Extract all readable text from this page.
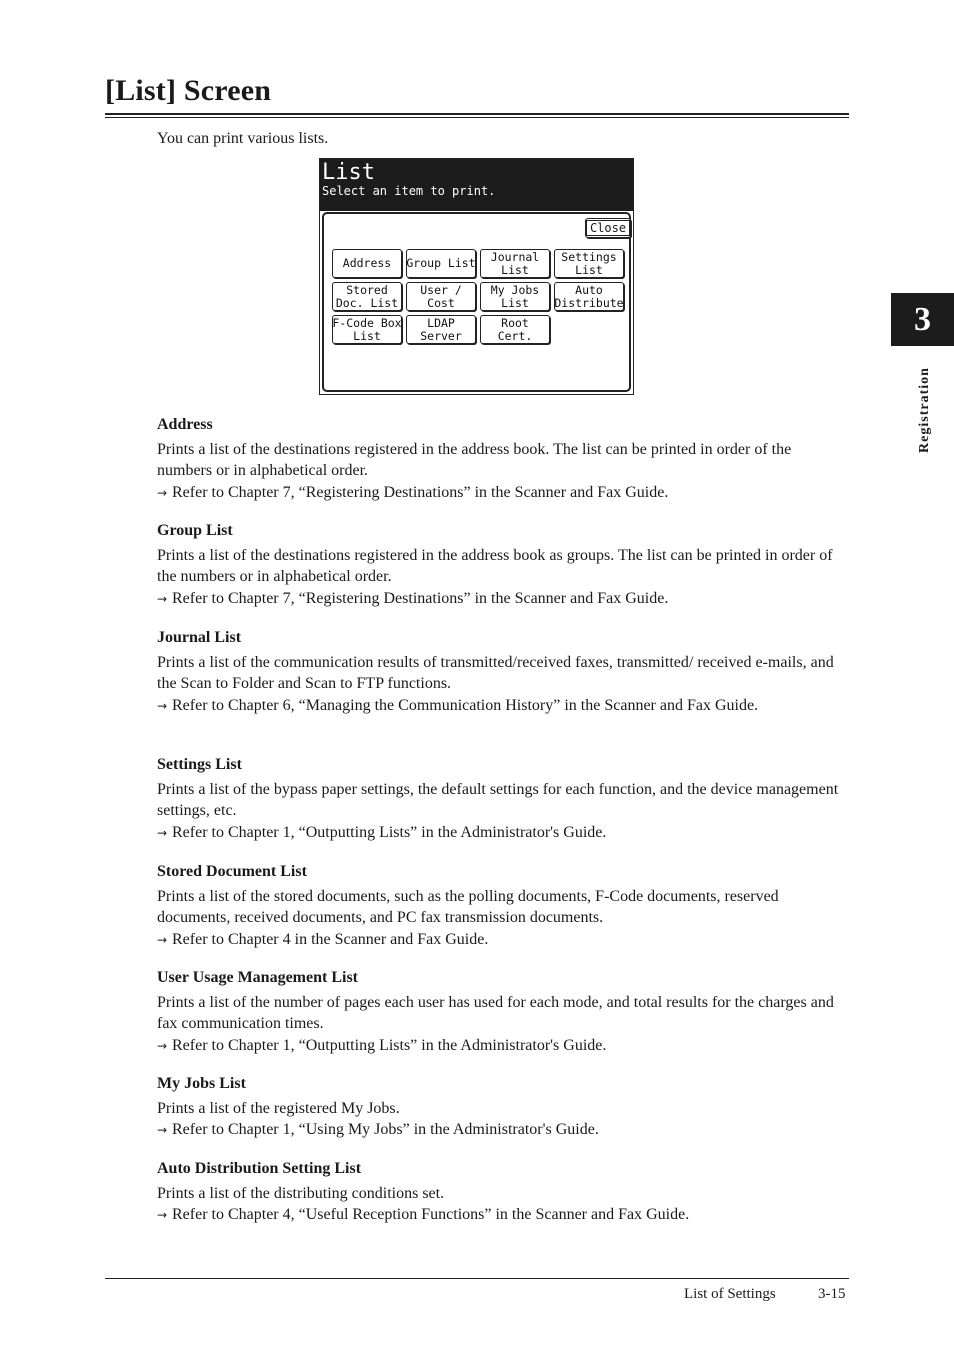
[List] Screen
You can print various lists.
List
Select an item to print.
Close
Address	Group List	Journal
List
Settings
List
Stored
Doc. List
User /
Cost
My Jobs
List
Auto
Distribute
F-Code Box
List
LDAP
Server
Root
Cert.
Address

Prints a list of the destinations registered in the address book. The list can be printed in order of the numbers or in alphabetical order.

→ Refer to Chapter 7, “Registering Destinations” in the Scanner and Fax Guide.

Group List

Prints a list of the destinations registered in the address book as groups. The list can be printed in order of the numbers or in alphabetical order.

→ Refer to Chapter 7, “Registering Destinations” in the Scanner and Fax Guide.

Journal List

Prints a list of the communication results of transmitted/received faxes, transmitted/ received e-mails, and the Scan to Folder and Scan to FTP functions.

→ Refer to Chapter 6, “Managing the Communication History” in the Scanner and Fax Guide.

Settings List

Prints a list of the bypass paper settings, the default settings for each function, and the device management settings, etc.

→ Refer to Chapter 1, “Outputting Lists” in the Administrator's Guide.

Stored Document List

Prints a list of the stored documents, such as the polling documents, F-Code documents, reserved documents, received documents, and PC fax transmission documents.

→ Refer to Chapter 4 in the Scanner and Fax Guide.

User Usage Management List

Prints a list of the number of pages each user has used for each mode, and total results for the charges and fax communication times.

→ Refer to Chapter 1, “Outputting Lists” in the Administrator's Guide.

My Jobs List

Prints a list of the registered My Jobs.

→ Refer to Chapter 1, “Using My Jobs” in the Administrator's Guide.

Auto Distribution Setting List

Prints a list of the distributing conditions set.

→ Refer to Chapter 4, “Useful Reception Functions” in the Scanner and Fax Guide.

3
Registration
List of Settings	3-15
